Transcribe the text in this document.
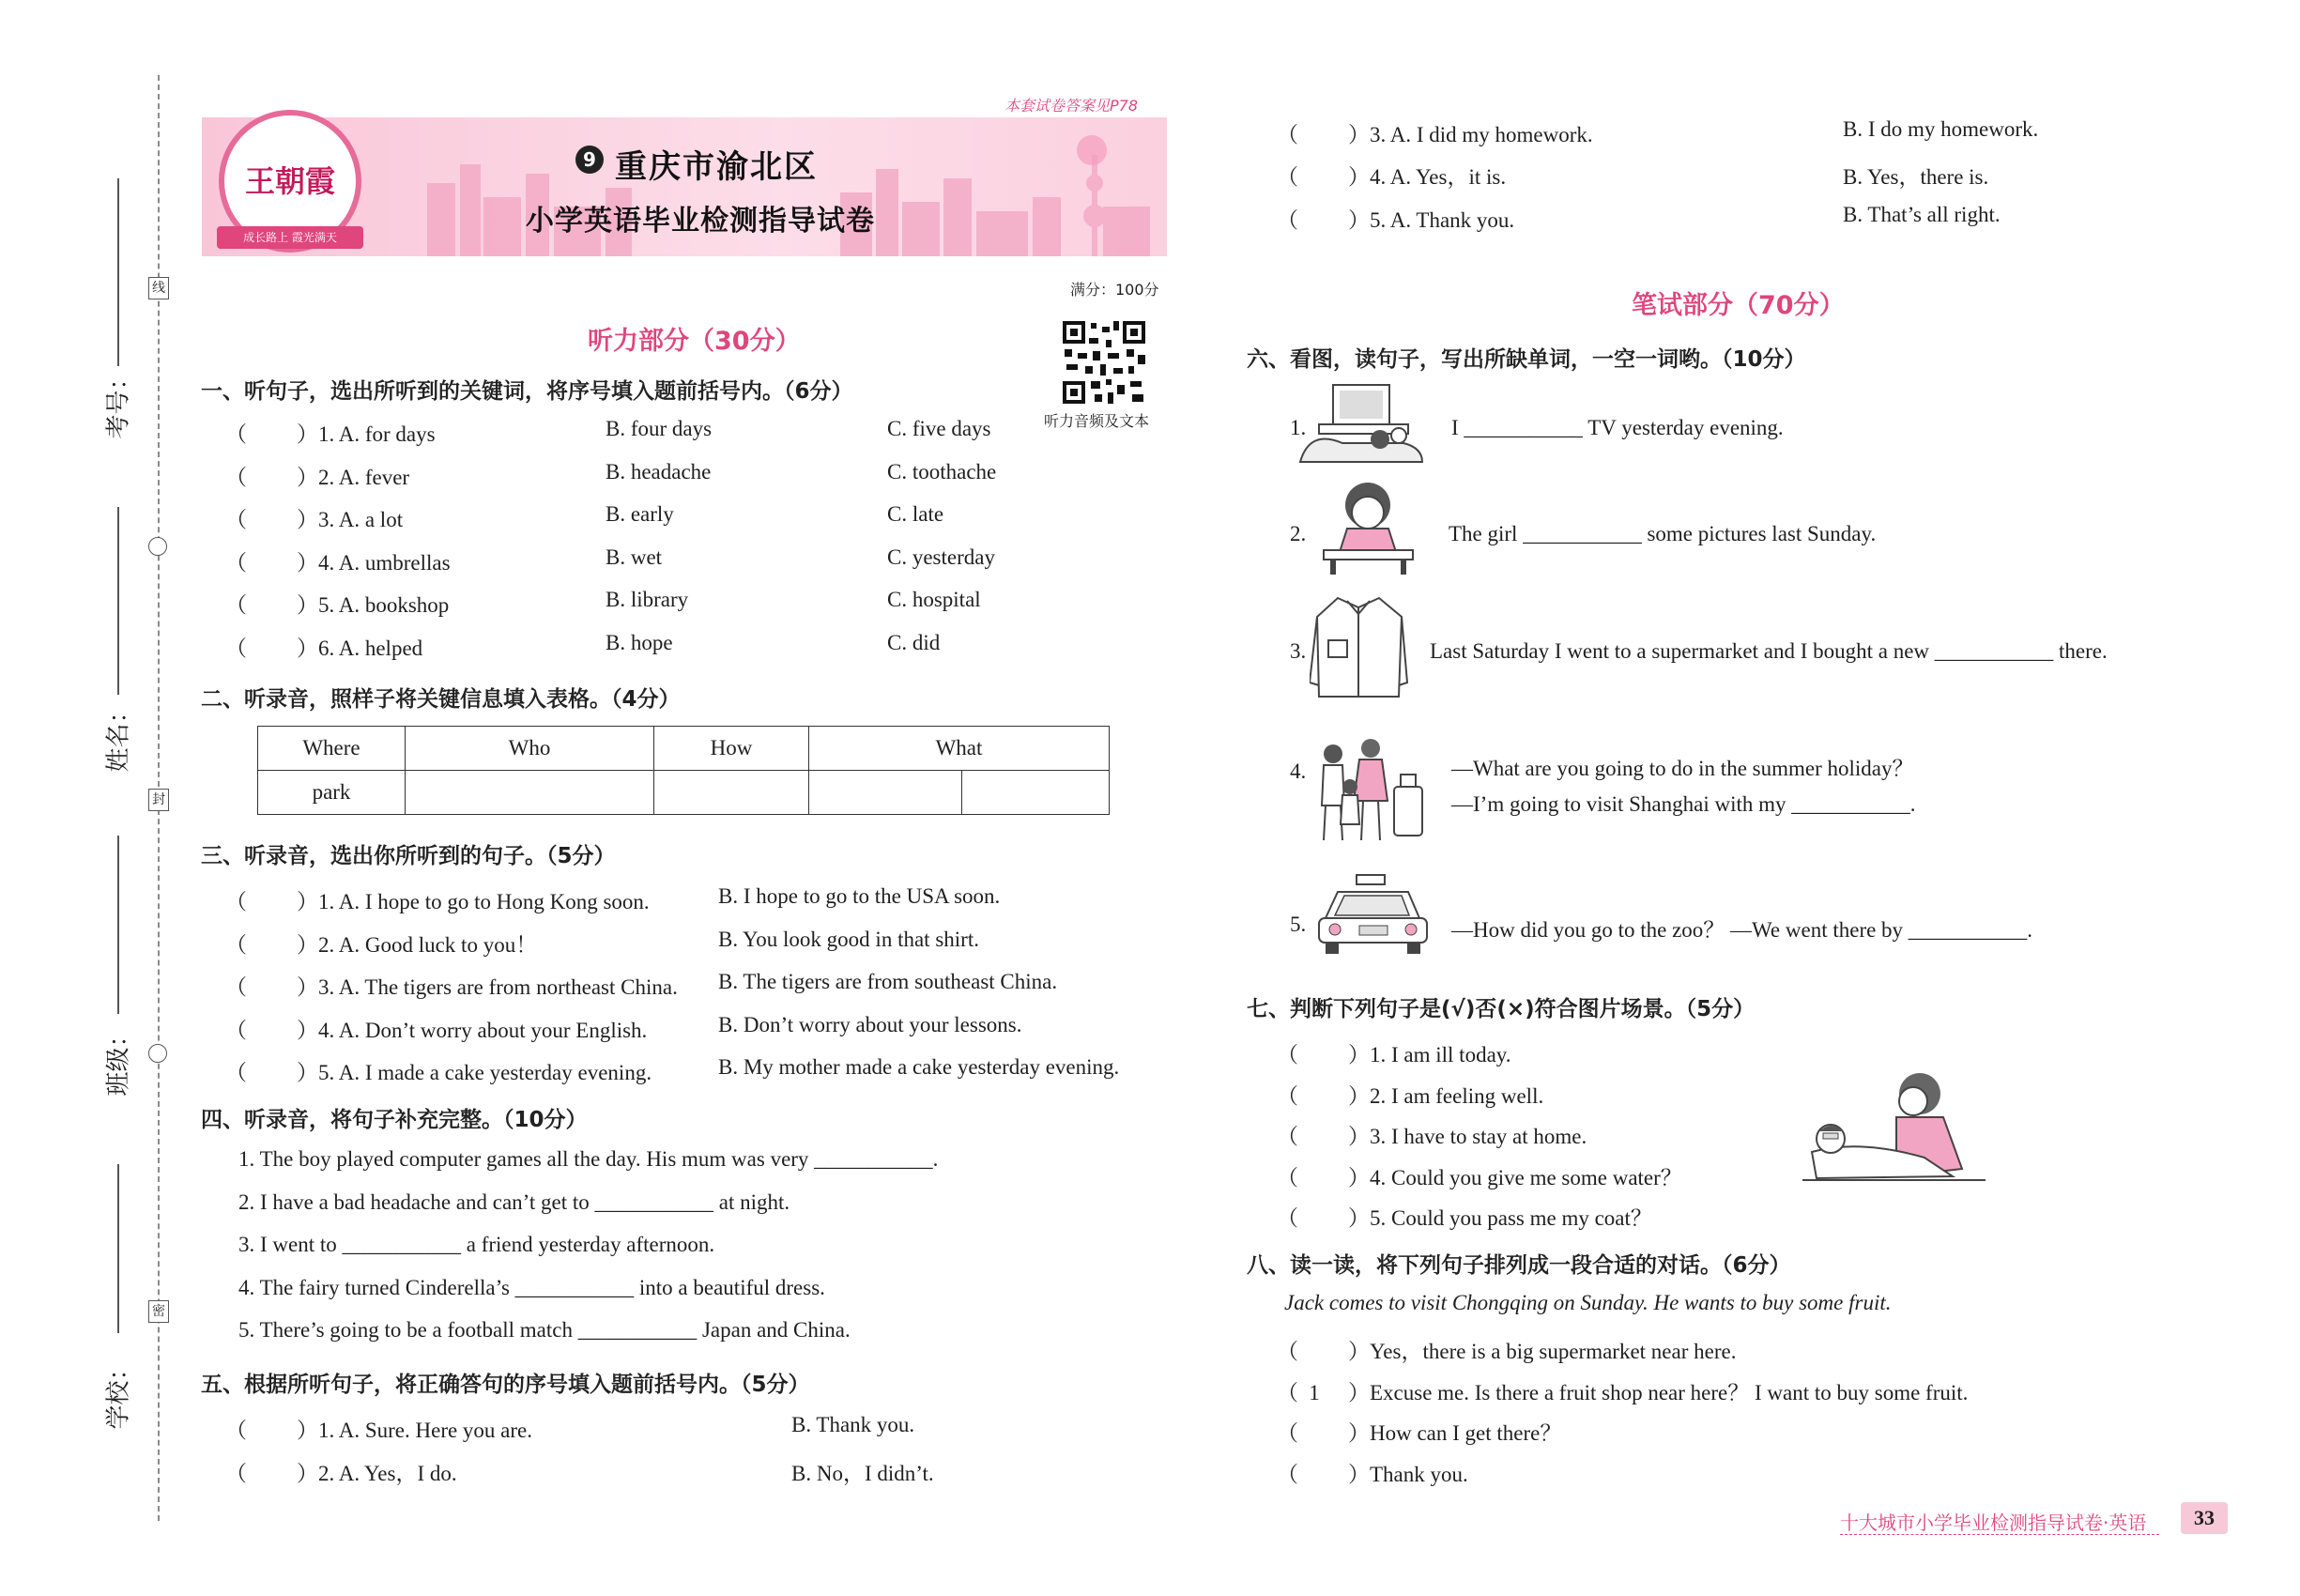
线
封
密
考号：
姓名：
班级：
学校：
本套试卷答案见P78
王朝霞
成长路上 霞光满天
9 重庆市渝北区
小学英语毕业检测指导试卷
满分：100分
听力音频及文本
听力部分（30分）
一、听句子，选出所听到的关键词，将序号填入题前括号内。（6分）
（ ）1. A. for days	B. four days	C. five days
（ ）2. A. fever	B. headache	C. toothache
（ ）3. A. a lot	B. early	C. late
（ ）4. A. umbrellas	B. wet	C. yesterday
（ ）5. A. bookshop	B. library	C. hospital
（ ）6. A. helped	B. hope	C. did
二、听录音，照样子将关键信息填入表格。（4分）
Where	Who	How	What	
park				
三、听录音，选出你所听到的句子。（5分）
（ ）1. A. I hope to go to Hong Kong soon.	B. I hope to go to the USA soon.
（ ）2. A. Good luck to you！	B. You look good in that shirt.
（ ）3. A. The tigers are from northeast China. B. The tigers are from southeast China.
（ ）4. A. Don’t worry about your English.	B. Don’t worry about your lessons.
（ ）5. A. I made a cake yesterday evening.	B. My mother made a cake yesterday evening.
四、听录音，将句子补充完整。（10分）
1. The boy played computer games all the day. His mum was very ___________.
2. I have a bad headache and can’t get to ___________ at night.
3. I went to ___________ a friend yesterday afternoon.
4. The fairy turned Cinderella’s ___________ into a beautiful dress.
5. There’s going to be a football match ___________ Japan and China.
五、根据所听句子，将正确答句的序号填入题前括号内。（5分）
（ ）1. A. Sure. Here you are.	B. Thank you.
（ ）2. A. Yes，I do.	B. No，I didn’t.
（ ）3. A. I did my homework.	B. I do my homework.
（ ）4. A. Yes，it is.	B. Yes，there is.
（ ）5. A. Thank you.	B. That’s all right.
笔试部分（70分）
六、看图，读句子，写出所缺单词，一空一词哟。（10分）
1.	I ___________ TV yesterday evening.
2.	The girl ___________ some pictures last Sunday.
3.	Last Saturday I went to a supermarket and I bought a new ___________ there.
4.	—What are you going to do in the summer holiday？
—I’m going to visit Shanghai with my ___________.
5.	—How did you go to the zoo？ —We went there by ___________.
七、判断下列句子是(√)否(×)符合图片场景。（5分）
（ ）1. I am ill today.
（ ）2. I am feeling well.
（ ）3. I have to stay at home.
（ ）4. Could you give me some water？
（ ）5. Could you pass me my coat？
八、读一读，将下列句子排列成一段合适的对话。（6分）
Jack comes to visit Chongqing on Sunday. He wants to buy some fruit.
（	）Yes，there is a big supermarket near here.
（ 1	）Excuse me. Is there a fruit shop near here？ I want to buy some fruit.
（	）How can I get there？
（	）Thank you.
十大城市小学毕业检测指导试卷·英语	33
